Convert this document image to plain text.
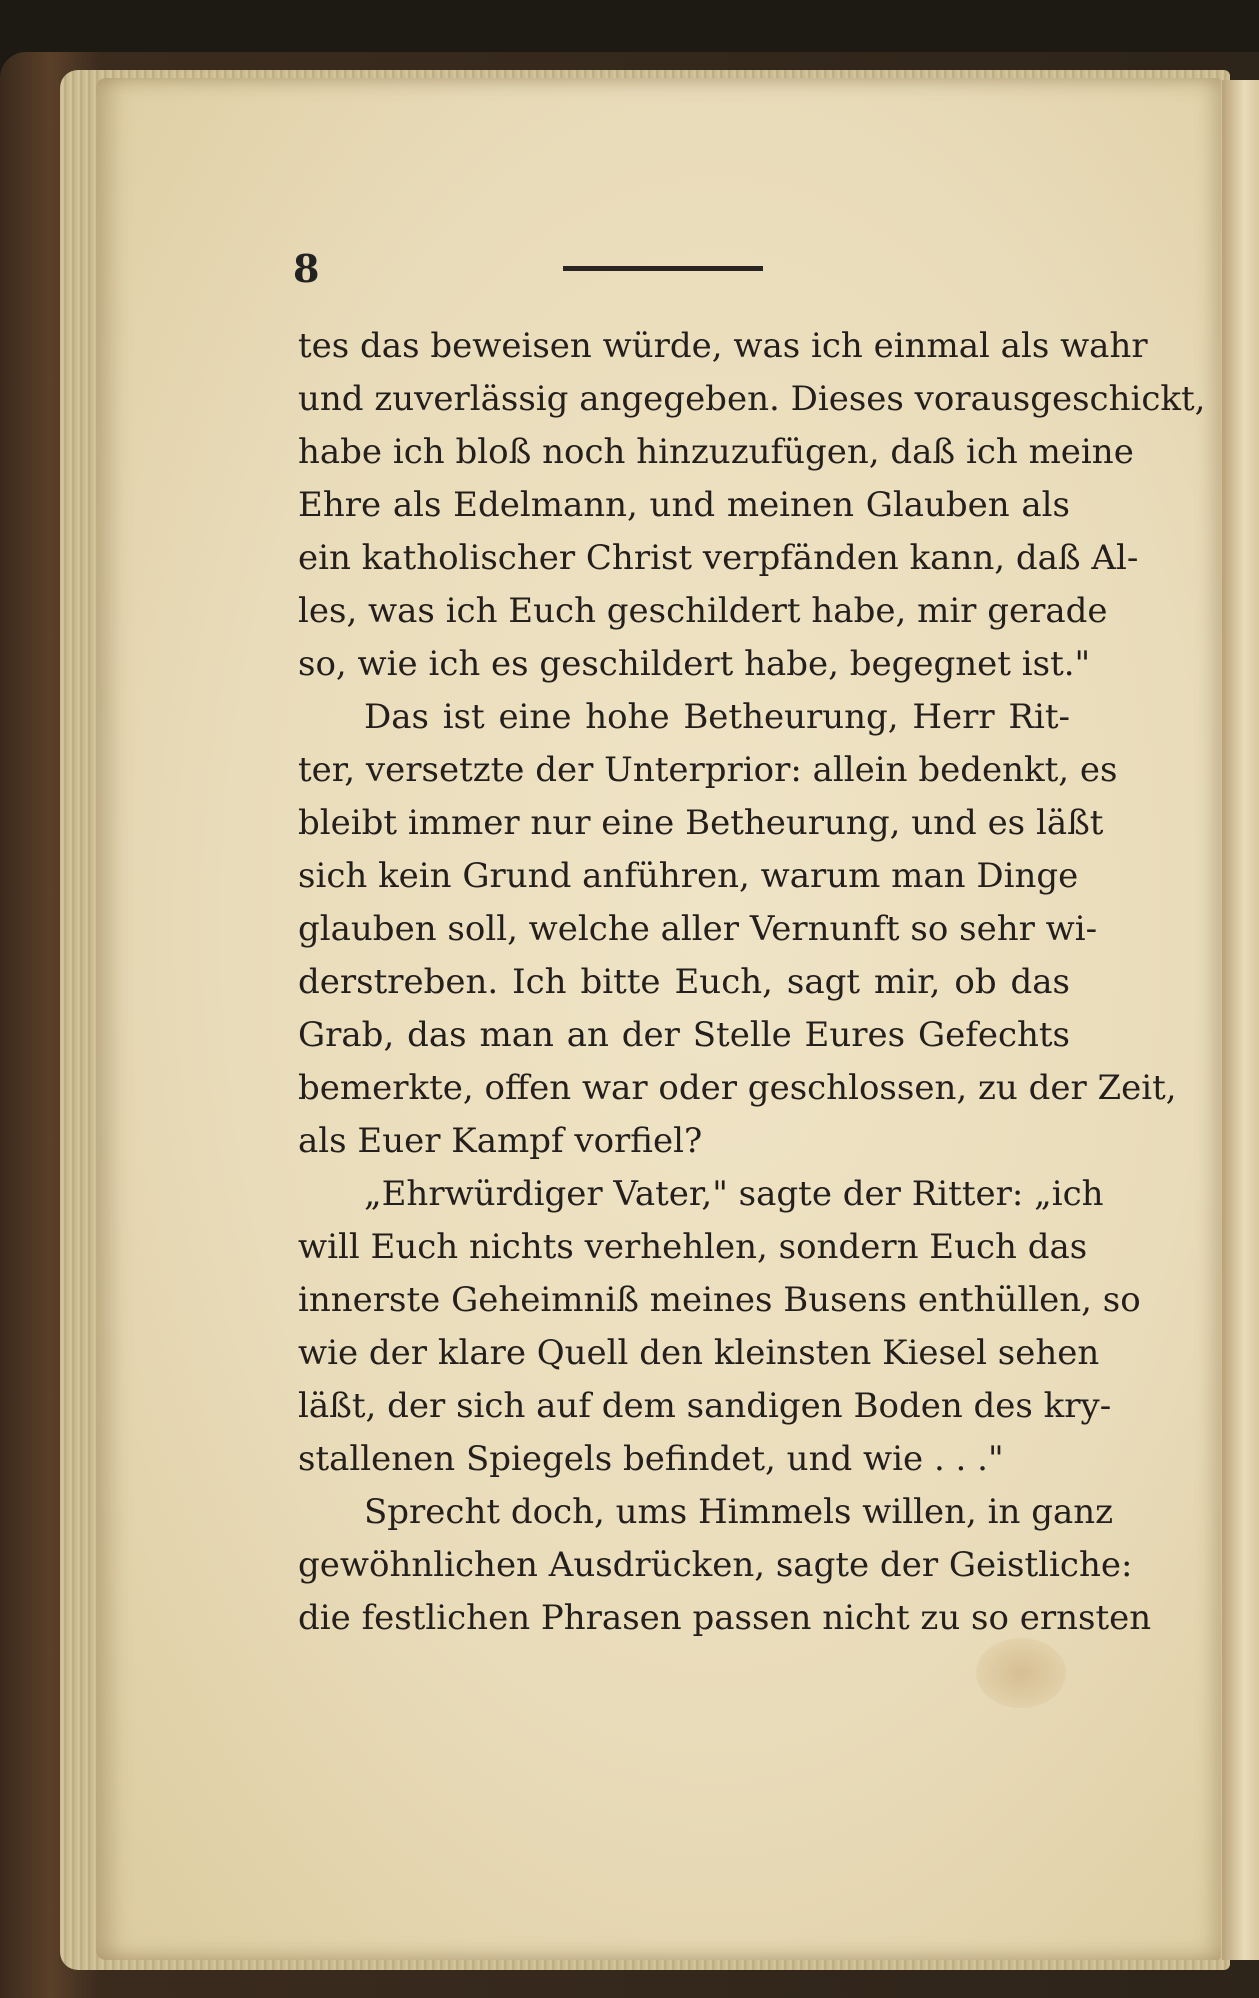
8

tes das beweisen würde, was ich einmal als wahr

und zuverlässig angegeben. Dieses vorausgeschickt,

habe ich bloß noch hinzuzufügen, daß ich meine

Ehre als Edelmann, und meinen Glauben als

ein katholischer Christ verpfänden kann, daß Al-

les, was ich Euch geschildert habe, mir gerade

so, wie ich es geschildert habe, begegnet ist."

Das ist eine hohe Betheurung, Herr Rit-

ter, versetzte der Unterprior: allein bedenkt, es

bleibt immer nur eine Betheurung, und es läßt

sich kein Grund anführen, warum man Dinge

glauben soll, welche aller Vernunft so sehr wi-

derstreben. Ich bitte Euch, sagt mir, ob das

Grab, das man an der Stelle Eures Gefechts

bemerkte, offen war oder geschlossen, zu der Zeit,

als Euer Kampf vorfiel?

„Ehrwürdiger Vater," sagte der Ritter: „ich

will Euch nichts verhehlen, sondern Euch das

innerste Geheimniß meines Busens enthüllen, so

wie der klare Quell den kleinsten Kiesel sehen

läßt, der sich auf dem sandigen Boden des kry-

stallenen Spiegels befindet, und wie . . ."

Sprecht doch, ums Himmels willen, in ganz

gewöhnlichen Ausdrücken, sagte der Geistliche:

die festlichen Phrasen passen nicht zu so ernsten
